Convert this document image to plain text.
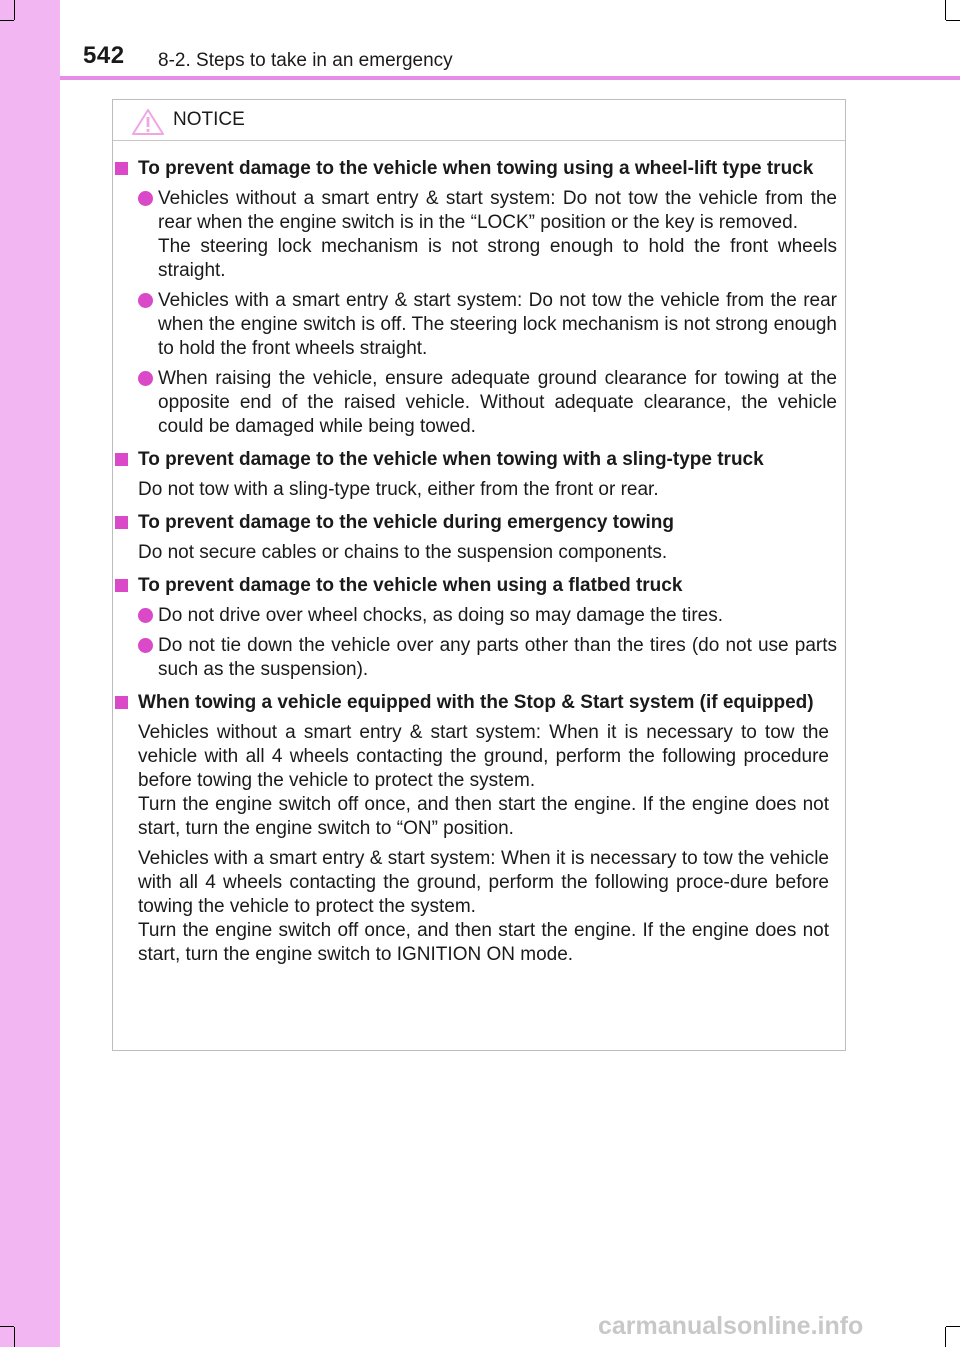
542 8-2. Steps to take in an emergency
NOTICE
To prevent damage to the vehicle when towing using a wheel-lift type truck
Vehicles without a smart entry & start system: Do not tow the vehicle from the rear when the engine switch is in the “LOCK” position or the key is removed.
The steering lock mechanism is not strong enough to hold the front wheels straight.
Vehicles with a smart entry & start system: Do not tow the vehicle from the rear when the engine switch is off. The steering lock mechanism is not strong enough to hold the front wheels straight.
When raising the vehicle, ensure adequate ground clearance for towing at the opposite end of the raised vehicle. Without adequate clearance, the vehicle could be damaged while being towed.
To prevent damage to the vehicle when towing with a sling-type truck
Do not tow with a sling-type truck, either from the front or rear.
To prevent damage to the vehicle during emergency towing
Do not secure cables or chains to the suspension components.
To prevent damage to the vehicle when using a flatbed truck
Do not drive over wheel chocks, as doing so may damage the tires.
Do not tie down the vehicle over any parts other than the tires (do not use parts such as the suspension).
When towing a vehicle equipped with the Stop & Start system (if equipped)
Vehicles without a smart entry & start system: When it is necessary to tow the vehicle with all 4 wheels contacting the ground, perform the following procedure before towing the vehicle to protect the system.
Turn the engine switch off once, and then start the engine. If the engine does not start, turn the engine switch to “ON” position.
Vehicles with a smart entry & start system: When it is necessary to tow the vehicle with all 4 wheels contacting the ground, perform the following proce-dure before towing the vehicle to protect the system.
Turn the engine switch off once, and then start the engine. If the engine does not start, turn the engine switch to IGNITION ON mode.
carmanualsonline.info
